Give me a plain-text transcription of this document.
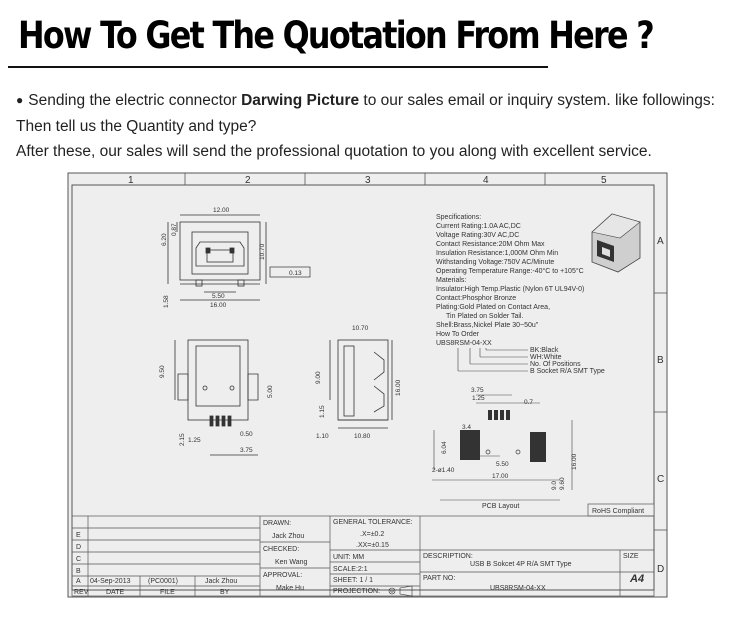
How To Get The Quotation From Here ?
● Sending the electric connector Darwing Picture to our sales email or inquiry system. like followings:
Then tell us the Quantity and type?
After these, our sales will send the professional quotation to you along with excellent service.
1	2	3	4	5
A
B
C
D
12.00
6.20
0.87
10.70
0.13
5.50
16.00
1.58
10.70
9.00
16.00
1.15
1.10	10.80
9.50
5.00
2.15 1.25
0.50
3.75
Specifications:
Current Rating:1.0A AC,DC
Voltage Rating:30V AC,DC
Contact Resistance:20M Ohm Max
Insulation Resistance:1,000M Ohm Min
Withstanding Voltage:750V AC/Minute
Operating Temperature Range:-40°C to +105°C
Materials:
Insulator:High Temp.Plastic (Nylon 6T UL94V-0)
Contact:Phosphor Bronze
Plating:Gold Plated on Contact Area,
Tin Plated on Solder Tail.
Shell:Brass,Nickel Plate 30~50u"
How To Order
UBS8RSM-04-XX
BK:Black
WH:White
No. Of Positions
B Socket R/A SMT Type
3.75
1.25
0.7
3.4
6.04
2-ø1.40
5.50
17.00
9.0 9.60
16.00
PCB Layout
RoHS Compliant
E
D
C
B
A 04-Sep-2013	(PC0001)	Jack Zhou
REV	DATE	FILE	BY
DRAWN:
Jack Zhou
CHECKED:
Ken Wang
APPROVAL:
Make Hu
GENERAL TOLERANCE:
.X=±0.2
.XX=±0.15
UNIT: MM
SCALE:2:1
SHEET: 1 / 1
PROJECTION:
DESCRIPTION:
USB B Sokcet 4P R/A SMT Type
PART NO:
UBS8RSM-04-XX
SIZE
A4
